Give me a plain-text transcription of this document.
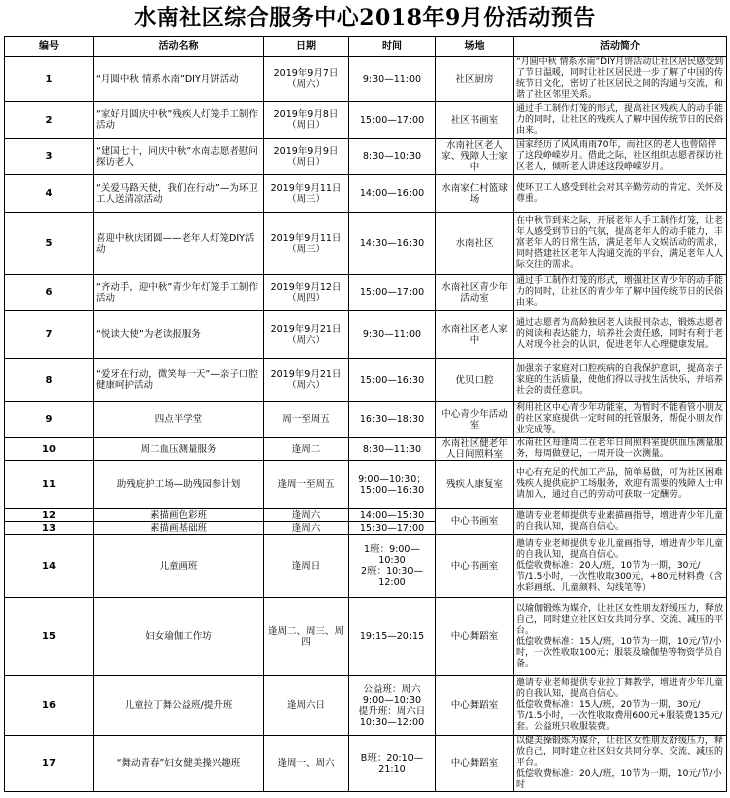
水南社区综合服务中心2018年9月份活动预告
编号	活动名称	日期	时间	场地	活动简介
1	“月圆中秋 情系水南”DIY月饼活动	2019年9月7日
（周六）	9:30—11:00	社区厨房	“月圆中秋 情系水南”DIY月饼活动让社区居民感受到了节日温暖，同时让社区居民进一步了解了中国的传统节日文化，密切了社区居民之间的沟通与交流，和谐了社区邻里关系。
2	“家好月圆庆中秋”残疾人灯笼手工制作活动	2019年9月8日
（周日）	15:00—17:00	社区书画室	通过手工制作灯笼的形式，提高社区残疾人的动手能力的同时，让社区的残疾人了解中国传统节日的民俗由来。
3	“建国七十，同庆中秋”水南志愿者慰问探访老人	2019年9月9日
（周日）	8:30—10:30	水南社区老人家、残障人士家中	国家经历了风风雨雨70年，而社区的老人也曾陪伴了这段峥嵘岁月。借此之际，社区组织志愿者探访社区老人，倾听老人讲述这段峥嵘岁月。
4	“关爱马路天使，我们在行动”—为环卫工人送清凉活动	2019年9月11日（周三）	14:00—16:00	水南家仁村篮球场	使环卫工人感受到社会对其辛勤劳动的肯定、关怀及尊重。
5	喜迎中秋庆团圆——老年人灯笼DIY活动	2019年9月11日（周三）	14:30—16:30	水南社区	在中秋节到来之际，开展老年人手工制作灯笼，让老年人感受到节日的气氛，提高老年人的动手能力，丰富老年人的日常生活，满足老年人文娱活动的需求，同时搭建社区老年人沟通交流的平台，满足老年人人际交往的需求。
6	“齐动手，迎中秋”青少年灯笼手工制作活动	2019年9月12日
（周四）	15:00—17:00	水南社区青少年活动室	通过手工制作灯笼的形式，增强社区青少年的动手能力的同时，让社区的青少年了解中国传统节日的民俗由来。
7	“悦读大使”为老读报服务	2019年9月21日
（周六）	9:30—11:00	水南社区老人家中	通过志愿者为高龄独居老人读报刊杂志，锻炼志愿者的阅读和表达能力，培养社会责任感，同时有利于老人对现今社会的认识，促进老年人心理健康发展。
8	“爱牙在行动，微笑每一天”—亲子口腔健康呵护活动	2019年9月21日（周六）	15:00—16:30	优贝口腔	加强亲子家庭对口腔疾病的自我保护意识，提高亲子家庭的生活质量，使他们得以寻找生活快乐，并培养社会的责任意识。
9	四点半学堂	周一至周五	16:30—18:30	中心青少年活动室	利用社区中心青少年功能室，为暂时不能看管小朋友的社区家庭提供一定时间的托管服务，帮促小朋友作业完成等。
10	周二血压测量服务	逢周二	8:30—11:30	水南社区健老年人日间照料室	水南社区每逢周二在老年日间照料室提供血压测量服务，每周做登记，一周开设一次测量。
11	助残庇护工场—助残园参计划	逢周一至周五	9:00—10:30；
15:00—16:30	残疾人康复室	中心有充足的代加工产品，简单易做，可为社区困难残疾人提供庇护工场服务，欢迎有需要的残障人士申请加入，通过自己的劳动可获取一定酬劳。
12	素描画色彩班	逢周六	14:00—15:30	中心书画室	邀请专业老师提供专业素描画指导，增进青少年儿童的自我认知，提高自信心。
13	素描画基础班	逢周六	15:30—17:00		
14	儿童画班	逢周日	1班：9:00—10:30
2班：10:30—12:00	中心书画室	邀请专业老师提供专业儿童画指导，增进青少年儿童的自我认知，提高自信心。
低偿收费标准：20人/班，10节为一期，30元/节/1.5小时，一次性收取300元，+80元材料费（含水彩画纸、儿童颜料、勾线笔等）
15	妇女瑜伽工作坊	逢周二、周三、周四	19:15—20:15	中心舞蹈室	以瑜伽锻炼为媒介，让社区女性朋友舒缓压力，释放自己，同时建立社区妇女共同分享、交流、减压的平台。
低偿收费标准：15人/班，10节为一期，10元/节/小时，一次性收取100元；服装及瑜伽垫等物资学员自备。
16	儿童拉丁舞公益班/提升班	逢周六日	公益班：周六
9:00—10:30
提升班：周六日
10:30—12:00	中心舞蹈室	邀请专业老师提供专业拉丁舞教学，增进青少年儿童的自我认知，提高自信心。
低偿收费标准：15人/班，20节为一期，30元/节/1.5小时，一次性收取费用600元+服装费135元/套。公益班只收服装费。
17	“舞动青春”妇女健美操兴趣班	逢周一、周六	B班：20:10—21:10	中心舞蹈室	以健美操锻炼为媒介，让社区女性朋友舒缓压力，释放自己，同时建立社区妇女共同分享、交流、减压的平台。
低偿收费标准：20人/班，10节为一期，10元/节/小时
